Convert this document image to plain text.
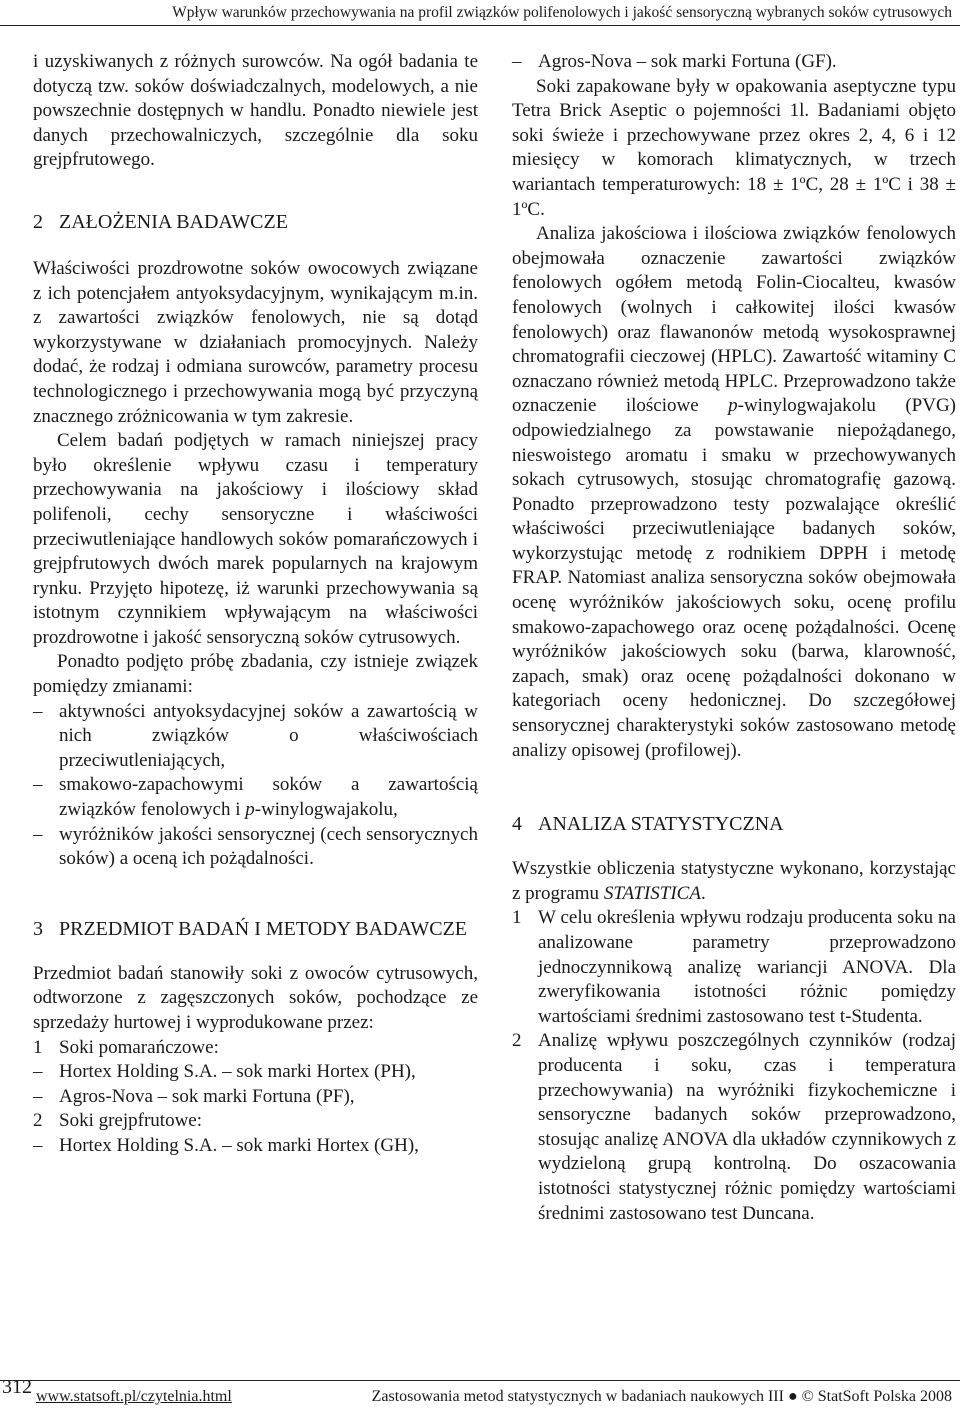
Wpływ warunków przechowywania na profil związków polifenolowych i jakość sensoryczną wybranych soków cytrusowych

i uzyskiwanych z różnych surowców. Na ogół badania te dotyczą tzw. soków doświadczalnych, modelowych, a nie powszechnie dostępnych w handlu. Ponadto niewiele jest danych przechowalniczych, szczególnie dla soku grejpfrutowego.

2 ZAŁOŻENIA BADAWCZE

Właściwości prozdrowotne soków owocowych związane z ich potencjałem antyoksydacyjnym, wynikającym m.in. z zawartości związków fenolowych, nie są dotąd wykorzystywane w działaniach promocyjnych. Należy dodać, że rodzaj i odmiana surowców, parametry procesu technologicznego i przechowywania mogą być przyczyną znacznego zróżnicowania w tym zakresie.

Celem badań podjętych w ramach niniejszej pracy było określenie wpływu czasu i temperatury przechowywania na jakościowy i ilościowy skład polifenoli, cechy sensoryczne i właściwości przeciwutleniające handlowych soków pomarańczowych i grejpfrutowych dwóch marek popularnych na krajowym rynku. Przyjęto hipotezę, iż warunki przechowywania są istotnym czynnikiem wpływającym na właściwości prozdrowotne i jakość sensoryczną soków cytrusowych.

Ponadto podjęto próbę zbadania, czy istnieje związek pomiędzy zmianami:

– aktywności antyoksydacyjnej soków a zawartością w nich związków o właściwościach przeciwutleniających,
– smakowo-zapachowymi soków a zawartością związków fenolowych i p-winylogwajakolu,
– wyróżników jakości sensorycznej (cech sensorycznych soków) a oceną ich pożądalności.
3 PRZEDMIOT BADAŃ I METODY BADAWCZE

Przedmiot badań stanowiły soki z owoców cytrusowych, odtworzone z zagęszczonych soków, pochodzące ze sprzedaży hurtowej i wyprodukowane przez:

1 Soki pomarańczowe:
– Hortex Holding S.A. – sok marki Hortex (PH),
– Agros-Nova – sok marki Fortuna (PF),
2 Soki grejpfrutowe:
– Hortex Holding S.A. – sok marki Hortex (GH),
– Agros-Nova – sok marki Fortuna (GF).

Soki zapakowane były w opakowania aseptyczne typu Tetra Brick Aseptic o pojemności 1l. Badaniami objęto soki świeże i przechowywane przez okres 2, 4, 6 i 12 miesięcy w komorach klimatycznych, w trzech wariantach temperaturowych: 18 ± 1ºC, 28 ± 1ºC i 38 ± 1ºC.

Analiza jakościowa i ilościowa związków fenolowych obejmowała oznaczenie zawartości związków fenolowych ogółem metodą Folin-Ciocalteu, kwasów fenolowych (wolnych i całkowitej ilości kwasów fenolowych) oraz flawanonów metodą wysokosprawnej chromatografii cieczowej (HPLC). Zawartość witaminy C oznaczano również metodą HPLC. Przeprowadzono także oznaczenie ilościowe p-winylogwajakolu (PVG) odpowiedzialnego za powstawanie niepożądanego, nieswoistego aromatu i smaku w przechowywanych sokach cytrusowych, stosując chromatografię gazową. Ponadto przeprowadzono testy pozwalające określić właściwości przeciwutleniające badanych soków, wykorzystując metodę z rodnikiem DPPH i metodę FRAP. Natomiast analiza sensoryczna soków obejmowała ocenę wyróżników jakościowych soku, ocenę profilu smakowo-zapachowego oraz ocenę pożądalności. Ocenę wyróżników jakościowych soku (barwa, klarowność, zapach, smak) oraz ocenę pożądalności dokonano w kategoriach oceny hedonicznej. Do szczegółowej sensorycznej charakterystyki soków zastosowano metodę analizy opisowej (profilowej).

4 ANALIZA STATYSTYCZNA

Wszystkie obliczenia statystyczne wykonano, korzystając z programu STATISTICA.

1 W celu określenia wpływu rodzaju producenta soku na analizowane parametry przeprowadzono jednoczynnikową analizę wariancji ANOVA. Dla zweryfikowania istotności różnic pomiędzy wartościami średnimi zastosowano test t-Studenta.
2 Analizę wpływu poszczególnych czynników (rodzaj producenta i soku, czas i temperatura przechowywania) na wyróżniki fizykochemiczne i sensoryczne badanych soków przeprowadzono, stosując analizę ANOVA dla układów czynnikowych z wydzieloną grupą kontrolną. Do oszacowania istotności statystycznej różnic pomiędzy wartościami średnimi zastosowano test Duncana.
312 www.statsoft.pl/czytelnia.html	Zastosowania metod statystycznych w badaniach naukowych III ● © StatSoft Polska 2008
